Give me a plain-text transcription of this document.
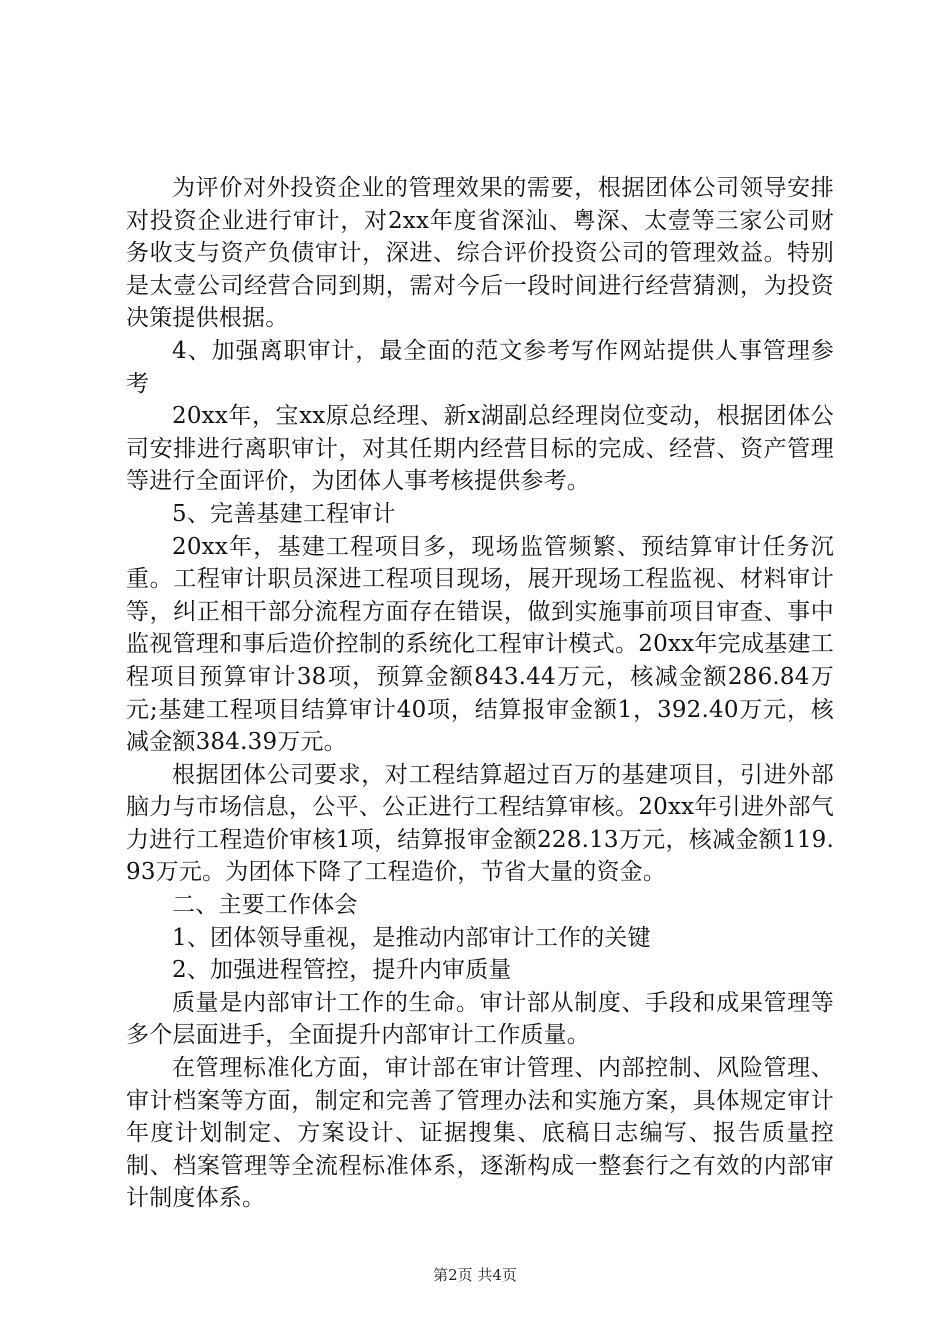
为评价对外投资企业的管理效果的需要，根据团体公司领导安排对投资企业进行审计，对2xx年度省深汕、粤深、太壹等三家公司财务收支与资产负债审计，深进、综合评价投资公司的管理效益。特别是太壹公司经营合同到期，需对今后一段时间进行经营猜测，为投资决策提供根据。

4、加强离职审计，最全面的范文参考写作网站提供人事管理参考

20xx年，宝xx原总经理、新x湖副总经理岗位变动，根据团体公司安排进行离职审计，对其任期内经营目标的完成、经营、资产管理等进行全面评价，为团体人事考核提供参考。

5、完善基建工程审计

20xx年，基建工程项目多，现场监管频繁、预结算审计任务沉重。工程审计职员深进工程项目现场，展开现场工程监视、材料审计等，纠正相干部分流程方面存在错误，做到实施事前项目审查、事中监视管理和事后造价控制的系统化工程审计模式。20xx年完成基建工程项目预算审计38项，预算金额843.44万元，核减金额286.84万元;基建工程项目结算审计40项，结算报审金额1，392.40万元，核减金额384.39万元。

根据团体公司要求，对工程结算超过百万的基建项目，引进外部脑力与市场信息，公平、公正进行工程结算审核。20xx年引进外部气力进行工程造价审核1项，结算报审金额228.13万元，核减金额119.93万元。为团体下降了工程造价，节省大量的资金。

二、主要工作体会

1、团体领导重视，是推动内部审计工作的关键

2、加强进程管控，提升内审质量

质量是内部审计工作的生命。审计部从制度、手段和成果管理等多个层面进手，全面提升内部审计工作质量。

在管理标准化方面，审计部在审计管理、内部控制、风险管理、审计档案等方面，制定和完善了管理办法和实施方案，具体规定审计年度计划制定、方案设计、证据搜集、底稿日志编写、报告质量控制、档案管理等全流程标准体系，逐渐构成一整套行之有效的内部审计制度体系。

第2页 共4页
